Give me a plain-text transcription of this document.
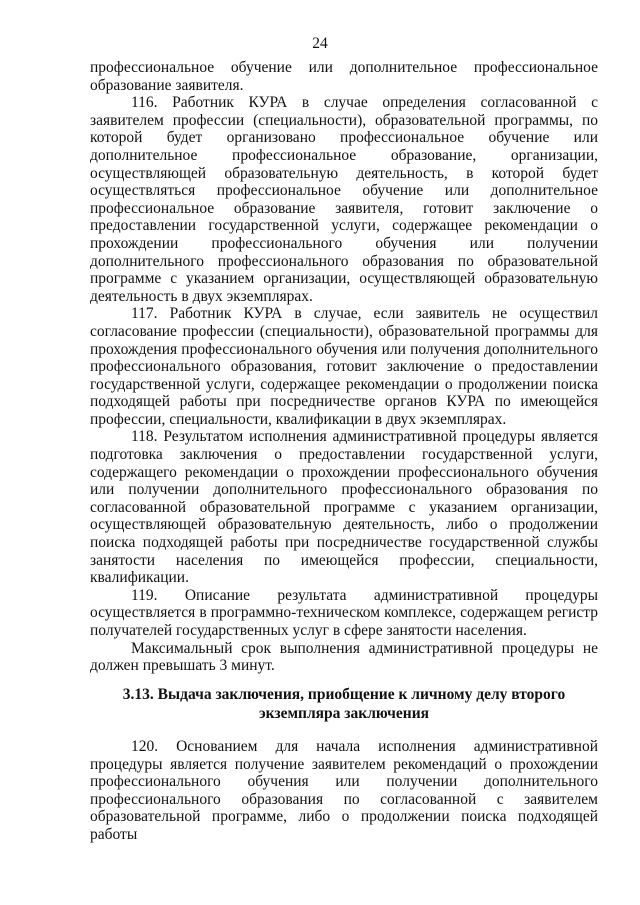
24

профессиональное обучение или дополнительное профессиональное образование заявителя.

116. Работник КУРА в случае определения согласованной с заявителем профессии (специальности), образовательной программы, по которой будет организовано профессиональное обучение или дополнительное профессиональное образование, организации, осуществляющей образовательную деятельность, в которой будет осуществляться профессиональное обучение или дополнительное профессиональное образование заявителя, готовит заключение о предоставлении государственной услуги, содержащее рекомендации о прохождении профессионального обучения или получении дополнительного профессионального образования по образовательной программе с указанием организации, осуществляющей образовательную деятельность в двух экземплярах.

117. Работник КУРА в случае, если заявитель не осуществил согласование профессии (специальности), образовательной программы для прохождения профессионального обучения или получения дополнительного профессионального образования, готовит заключение о предоставлении государственной услуги, содержащее рекомендации о продолжении поиска подходящей работы при посредничестве органов КУРА по имеющейся профессии, специальности, квалификации в двух экземплярах.

118. Результатом исполнения административной процедуры является подготовка заключения о предоставлении государственной услуги, содержащего рекомендации о прохождении профессионального обучения или получении дополнительного профессионального образования по согласованной образовательной программе с указанием организации, осуществляющей образовательную деятельность, либо о продолжении поиска подходящей работы при посредничестве государственной службы занятости населения по имеющейся профессии, специальности, квалификации.

119. Описание результата административной процедуры осуществляется в программно-техническом комплексе, содержащем регистр получателей государственных услуг в сфере занятости населения.

Максимальный срок выполнения административной процедуры не должен превышать 3 минут.

3.13. Выдача заключения, приобщение к личному делу второго

экземпляра заключения

120. Основанием для начала исполнения административной процедуры является получение заявителем рекомендаций о прохождении профессионального обучения или получении дополнительного профессионального образования по согласованной с заявителем образовательной программе, либо о продолжении поиска подходящей работы
